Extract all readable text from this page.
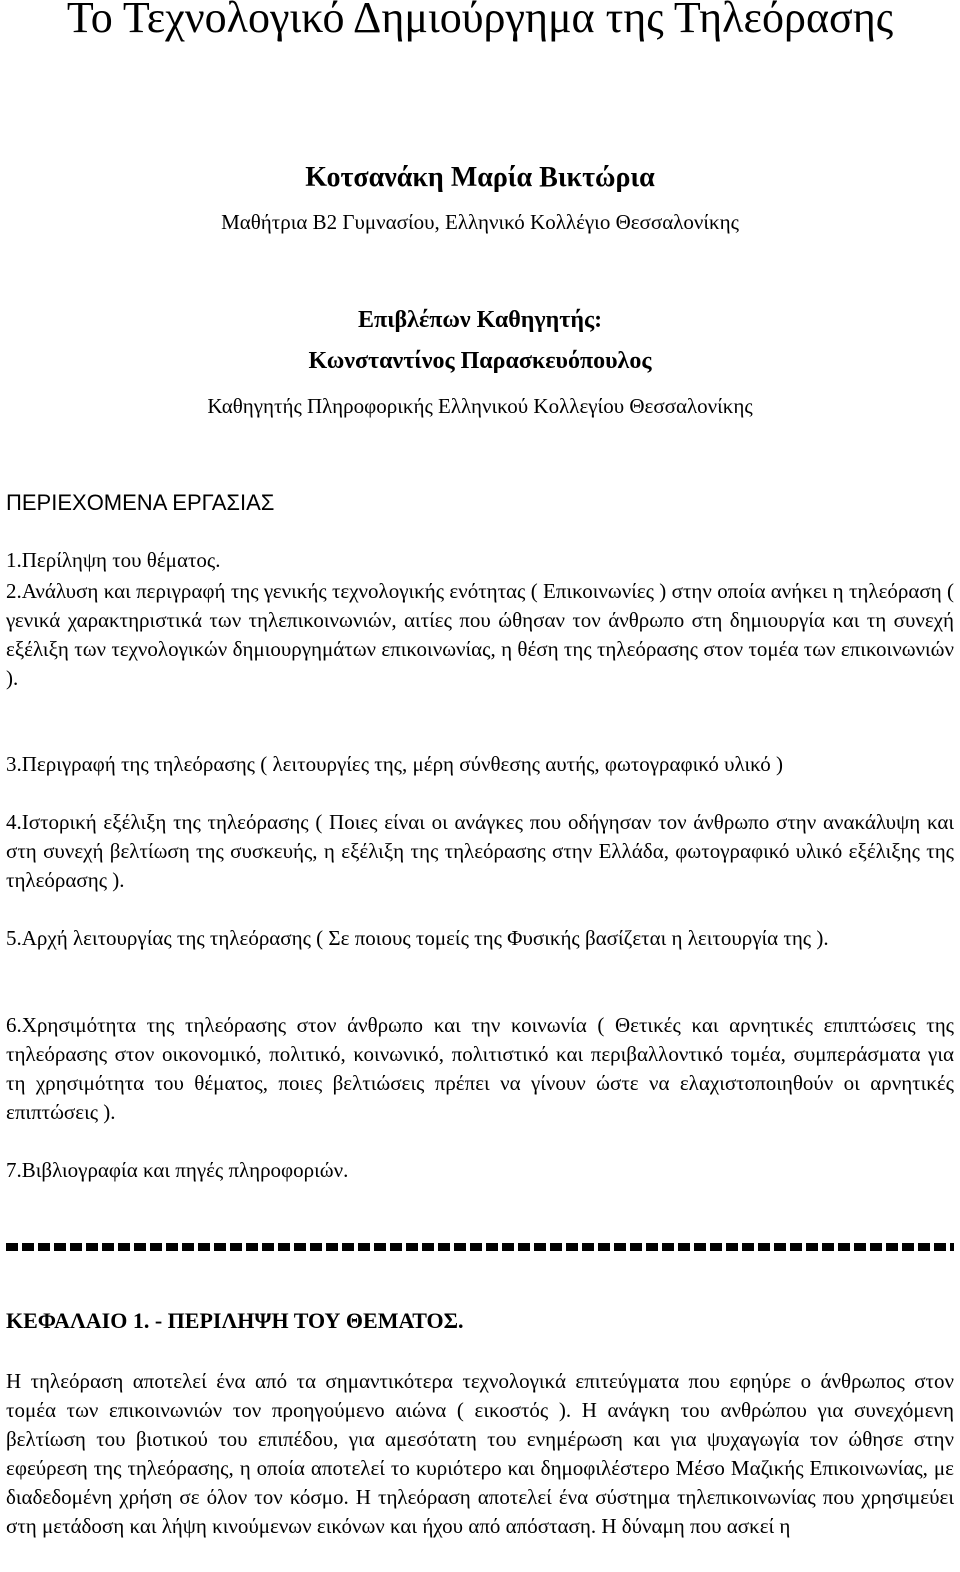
Το Τεχνολογικό Δημιούργημα της Τηλεόρασης
Κοτσανάκη Μαρία Βικτώρια
Μαθήτρια Β2 Γυμνασίου, Ελληνικό Κολλέγιο Θεσσαλονίκης
Επιβλέπων Καθηγητής:
Κωνσταντίνος Παρασκευόπουλος
Καθηγητής Πληροφορικής Ελληνικού Κολλεγίου Θεσσαλονίκης
ΠΕΡΙΕΧΟΜΕΝΑ ΕΡΓΑΣΙΑΣ

1.Περίληψη του θέματος.

2.Ανάλυση και περιγραφή της γενικής τεχνολογικής ενότητας ( Επικοινωνίες ) στην οποία ανήκει η τηλεόραση ( γενικά χαρακτηριστικά των τηλεπικοινωνιών, αιτίες που ώθησαν τον άνθρωπο στη δημιουργία και τη συνεχή εξέλιξη των τεχνολογικών δημιουργημάτων επικοινωνίας, η θέση της τηλεόρασης στον τομέα των επικοινωνιών ).

3.Περιγραφή της τηλεόρασης ( λειτουργίες της, μέρη σύνθεσης αυτής, φωτογραφικό υλικό )

4.Ιστορική εξέλιξη της τηλεόρασης ( Ποιες είναι οι ανάγκες που οδήγησαν τον άνθρωπο στην ανακάλυψη και στη συνεχή βελτίωση της συσκευής, η εξέλιξη της τηλεόρασης στην Ελλάδα, φωτογραφικό υλικό εξέλιξης της τηλεόρασης ).

5.Αρχή λειτουργίας της τηλεόρασης ( Σε ποιους τομείς της Φυσικής βασίζεται η λειτουργία της ).

6.Χρησιμότητα της τηλεόρασης στον άνθρωπο και την κοινωνία ( Θετικές και αρνητικές επιπτώσεις της τηλεόρασης στον οικονομικό, πολιτικό, κοινωνικό, πολιτιστικό και περιβαλλοντικό τομέα, συμπεράσματα για τη χρησιμότητα του θέματος, ποιες βελτιώσεις πρέπει να γίνουν ώστε να ελαχιστοποιηθούν οι αρνητικές επιπτώσεις ).

7.Βιβλιογραφία και πηγές πληροφοριών.

ΚΕΦΑΛΑΙΟ 1. - ΠΕΡΙΛΗΨΗ ΤΟΥ ΘΕΜΑΤΟΣ.

Η τηλεόραση αποτελεί ένα από τα σημαντικότερα τεχνολογικά επιτεύγματα που εφηύρε ο άνθρωπος στον τομέα των επικοινωνιών τον προηγούμενο αιώνα ( εικοστός ). Η ανάγκη του ανθρώπου για συνεχόμενη βελτίωση του βιοτικού του επιπέδου, για αμεσότατη του ενημέρωση και για ψυχαγωγία τον ώθησε στην εφεύρεση της τηλεόρασης, η οποία αποτελεί το κυριότερο και δημοφιλέστερο Μέσο Μαζικής Επικοινωνίας, με διαδεδομένη χρήση σε όλον τον κόσμο. Η τηλεόραση αποτελεί ένα σύστημα τηλεπικοινωνίας που χρησιμεύει στη μετάδοση και λήψη κινούμενων εικόνων και ήχου από απόσταση. Η δύναμη που ασκεί η
